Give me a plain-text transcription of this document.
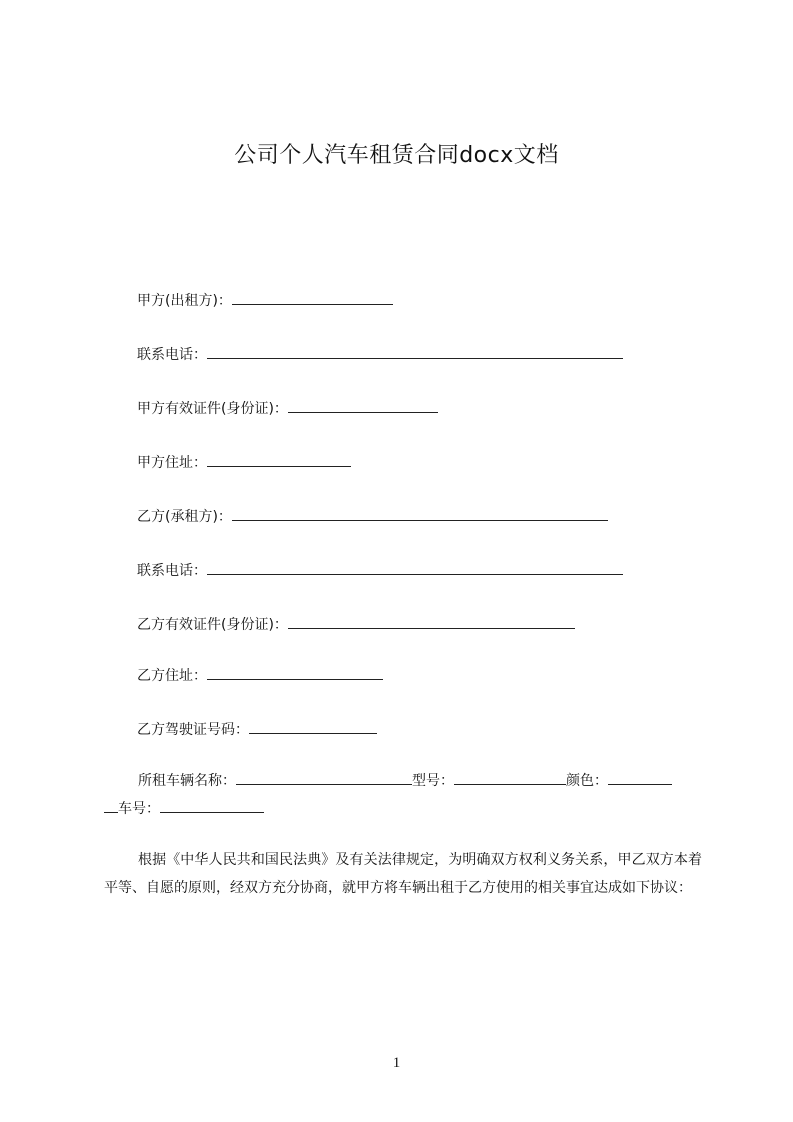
公司个人汽车租赁合同docx文档
甲方(出租方)：
联系电话：
甲方有效证件(身份证)：
甲方住址：
乙方(承租方)：
联系电话：
乙方有效证件(身份证)：
乙方住址：
乙方驾驶证号码：
所租车辆名称：	型号：	颜色：
车号：
根据《中华人民共和国民法典》及有关法律规定，为明确双方权利义务关系，甲乙双方本着平等、自愿的原则，经双方充分协商，就甲方将车辆出租于乙方使用的相关事宜达成如下协议：
1
